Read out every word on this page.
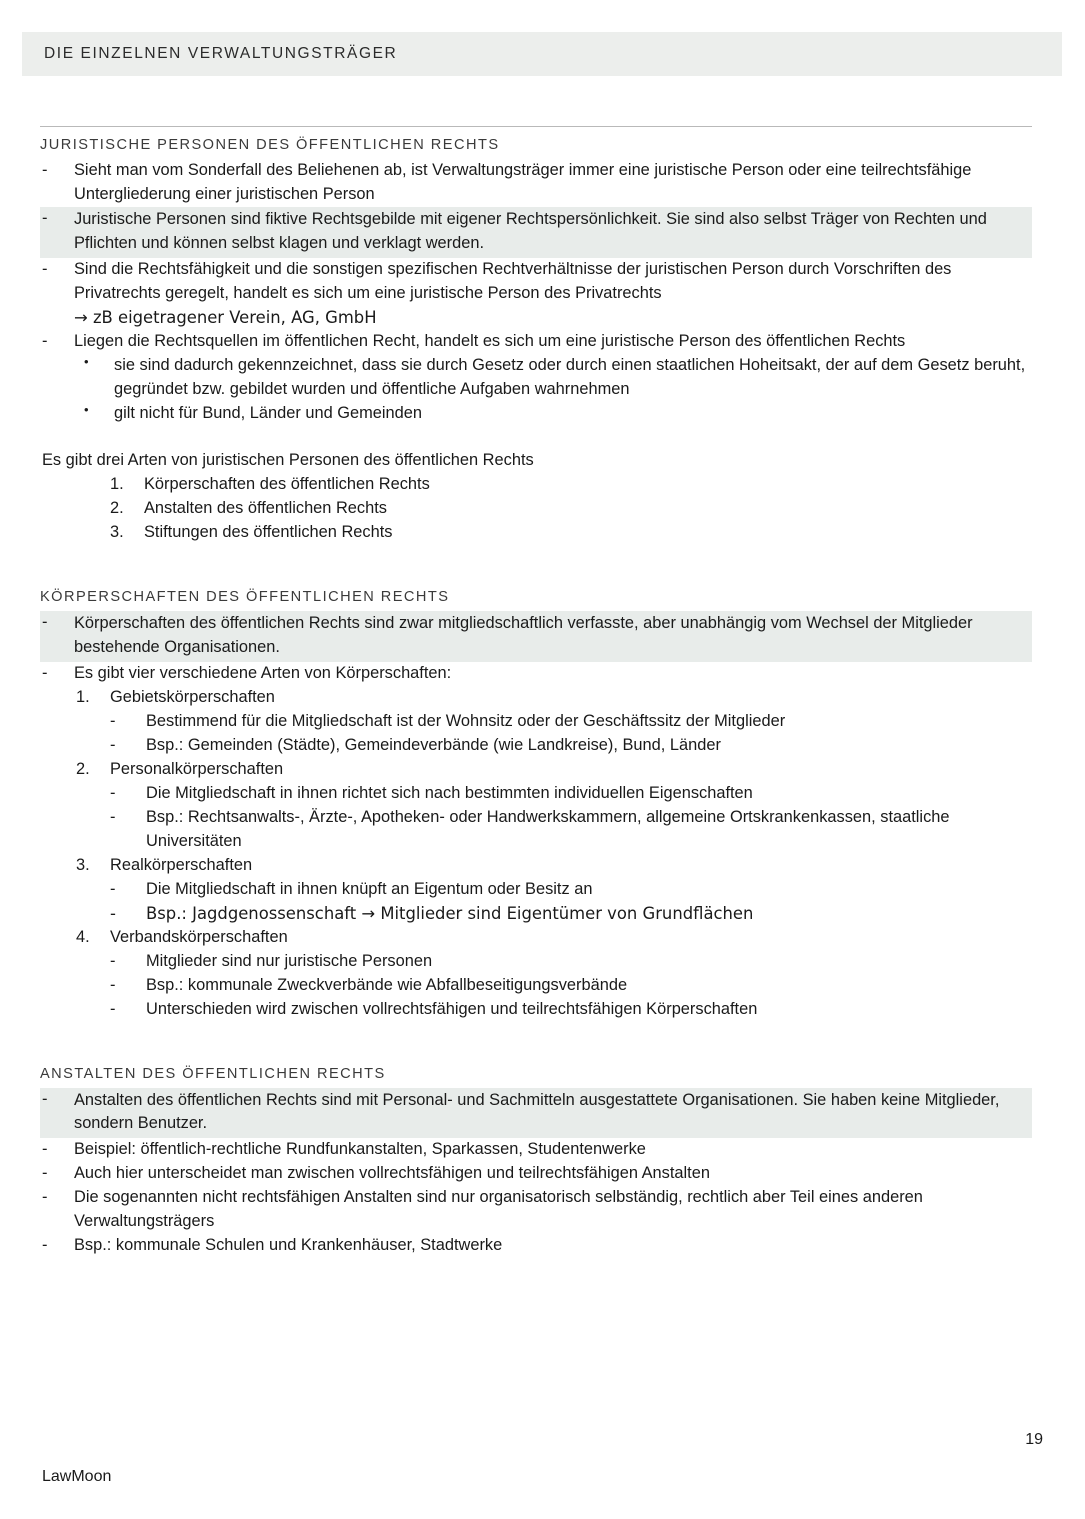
DIE EINZELNEN VERWALTUNGSTRÄGER
JURISTISCHE PERSONEN DES ÖFFENTLICHEN RECHTS
- Sieht man vom Sonderfall des Beliehenen ab, ist Verwaltungsträger immer eine juristische Person oder eine teilrechtsfähige Untergliederung einer juristischen Person
- Juristische Personen sind fiktive Rechtsgebilde mit eigener Rechtspersönlichkeit. Sie sind also selbst Träger von Rechten und Pflichten und können selbst klagen und verklagt werden.
- Sind die Rechtsfähigkeit und die sonstigen spezifischen Rechtverhältnisse der juristischen Person durch Vorschriften des Privatrechts geregelt, handelt es sich um eine juristische Person des Privatrechts
→ zB eigetragener Verein, AG, GmbH
- Liegen die Rechtsquellen im öffentlichen Recht, handelt es sich um eine juristische Person des öffentlichen Rechts
• sie sind dadurch gekennzeichnet, dass sie durch Gesetz oder durch einen staatlichen Hoheitsakt, der auf dem Gesetz beruht, gegründet bzw. gebildet wurden und öffentliche Aufgaben wahrnehmen
• gilt nicht für Bund, Länder und Gemeinden
Es gibt drei Arten von juristischen Personen des öffentlichen Rechts
1. Körperschaften des öffentlichen Rechts
2. Anstalten des öffentlichen Rechts
3. Stiftungen des öffentlichen Rechts
KÖRPERSCHAFTEN DES ÖFFENTLICHEN RECHTS
- Körperschaften des öffentlichen Rechts sind zwar mitgliedschaftlich verfasste, aber unabhängig vom Wechsel der Mitglieder bestehende Organisationen.
- Es gibt vier verschiedene Arten von Körperschaften:
1. Gebietskörperschaften
- Bestimmend für die Mitgliedschaft ist der Wohnsitz oder der Geschäftssitz der Mitglieder
- Bsp.: Gemeinden (Städte), Gemeindeverbände (wie Landkreise), Bund, Länder
2. Personalkörperschaften
- Die Mitgliedschaft in ihnen richtet sich nach bestimmten individuellen Eigenschaften
- Bsp.: Rechtsanwalts-, Ärzte-, Apotheken- oder Handwerkskammern, allgemeine Ortskrankenkassen, staatliche Universitäten
3. Realkörperschaften
- Die Mitgliedschaft in ihnen knüpft an Eigentum oder Besitz an
- Bsp.: Jagdgenossenschaft → Mitglieder sind Eigentümer von Grundflächen
4. Verbandskörperschaften
- Mitglieder sind nur juristische Personen
- Bsp.: kommunale Zweckverbände wie Abfallbeseitigungsverbände
- Unterschieden wird zwischen vollrechtsfähigen und teilrechtsfähigen Körperschaften
ANSTALTEN DES ÖFFENTLICHEN RECHTS
- Anstalten des öffentlichen Rechts sind mit Personal- und Sachmitteln ausgestattete Organisationen. Sie haben keine Mitglieder, sondern Benutzer.
- Beispiel: öffentlich-rechtliche Rundfunkanstalten, Sparkassen, Studentenwerke
- Auch hier unterscheidet man zwischen vollrechtsfähigen und teilrechtsfähigen Anstalten
- Die sogenannten nicht rechtsfähigen Anstalten sind nur organisatorisch selbständig, rechtlich aber Teil eines anderen Verwaltungsträgers
- Bsp.: kommunale Schulen und Krankenhäuser, Stadtwerke
19
LawMoon
